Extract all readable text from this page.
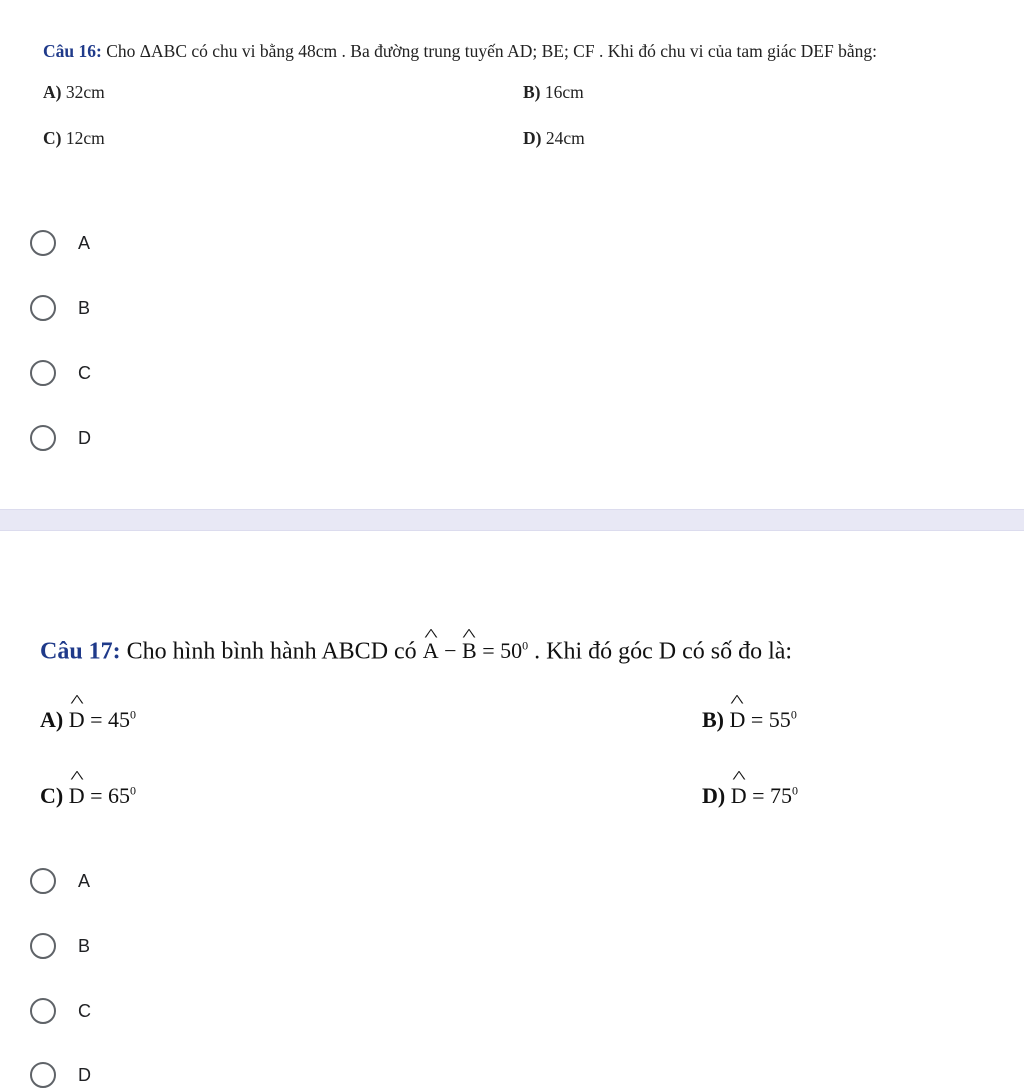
Câu 16: Cho ΔABC có chu vi bằng 48cm . Ba đường trung tuyến AD; BE; CF . Khi đó chu vi của tam giác DEF bằng:
A) 32cm	B) 16cm
C) 12cm	D) 24cm
A
B
C
D
Câu 17: Cho hình bình hành ABCD có ^ A − ^ $B = 50^0$ . Khi đó góc D có số đo là:
A) ^ $D = 45^0$	B) ^ $D = 55^0$
C) ^ $D = 65^0$	D) ^ $D = 75^0$
A
B
C
D
